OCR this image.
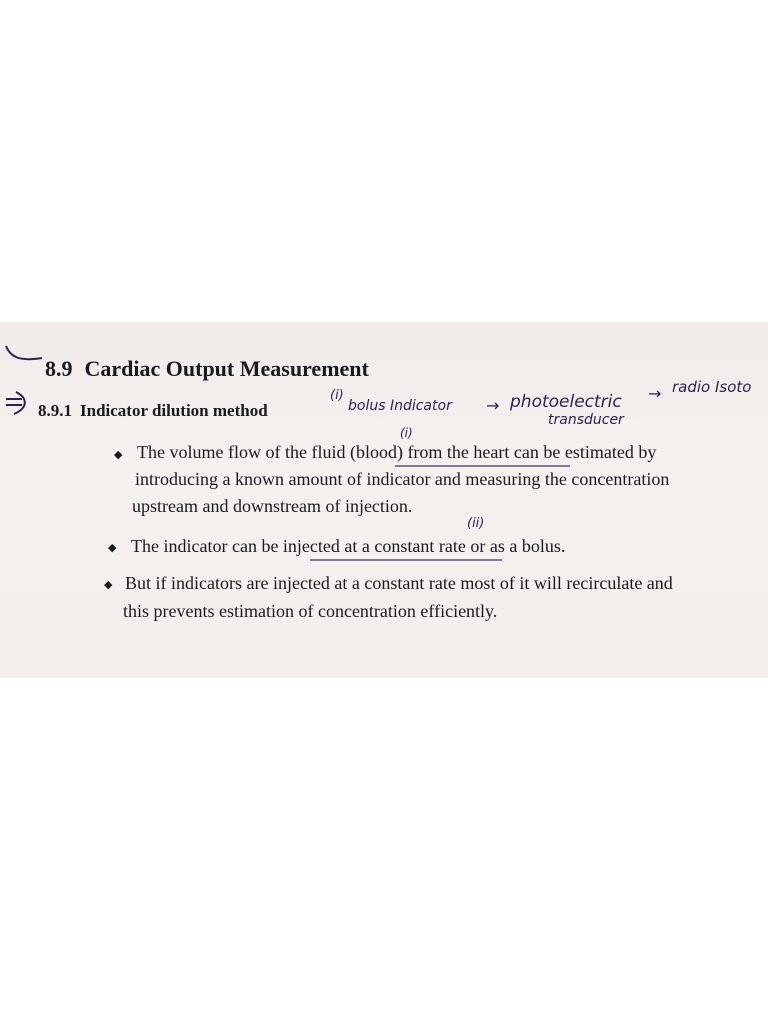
8.9 Cardiac Output Measurement
8.9.1 Indicator dilution method
(i)
bolus Indicator → photoelectric
transducer
→ radio Isoto
(i)
(ii)
◆ The volume flow of the fluid (blood) from the heart can be estimated by
introducing a known amount of indicator and measuring the concentration
upstream and downstream of injection.
◆ The indicator can be injected at a constant rate or as a bolus.
◆ But if indicators are injected at a constant rate most of it will recirculate and
this prevents estimation of concentration efficiently.
